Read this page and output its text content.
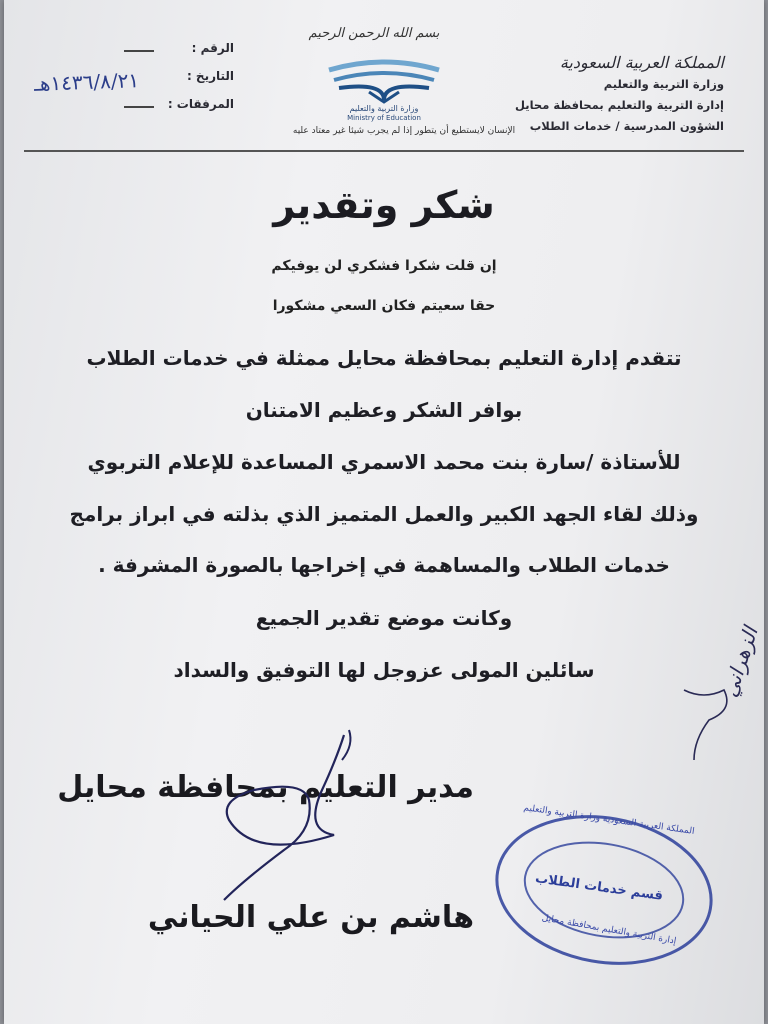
المملكة العربية السعودية
وزارة التربية والتعليم
إدارة التربية والتعليم بمحافظة محايل
الشؤون المدرسية / خدمات الطلاب
الرقم :
التاريخ :
المرفقات :
١٤٣٦/٨/٢١هـ
بسم الله الرحمن الرحيم
وزارة التربية والتعليم
Ministry of Education
الإنسان لايستطيع أن يتطور إذا لم يجرب شيئا غير معتاد عليه
شكر وتقدير
إن قلت شكرا فشكري لن يوفيكم
حقا سعيتم فكان السعي مشكورا
تتقدم إدارة التعليم بمحافظة محايل ممثلة في خدمات الطلاب
بوافر الشكر وعظيم الامتنان
للأستاذة /سارة بنت محمد الاسمري المساعدة للإعلام التربوي
وذلك لقاء الجهد الكبير والعمل المتميز الذي بذلته في ابراز برامج
خدمات الطلاب والمساهمة في إخراجها بالصورة المشرفة .
وكانت موضع تقدير الجميع
سائلين المولى عزوجل لها التوفيق والسداد
مدير التعليم بمحافظة محايل
هاشم بن علي الحياني
الزهراني
المملكة العربية السعودية وزارة التربية والتعليم
قسم خدمات الطلاب
إدارة التربية والتعليم بمحافظة محايل
